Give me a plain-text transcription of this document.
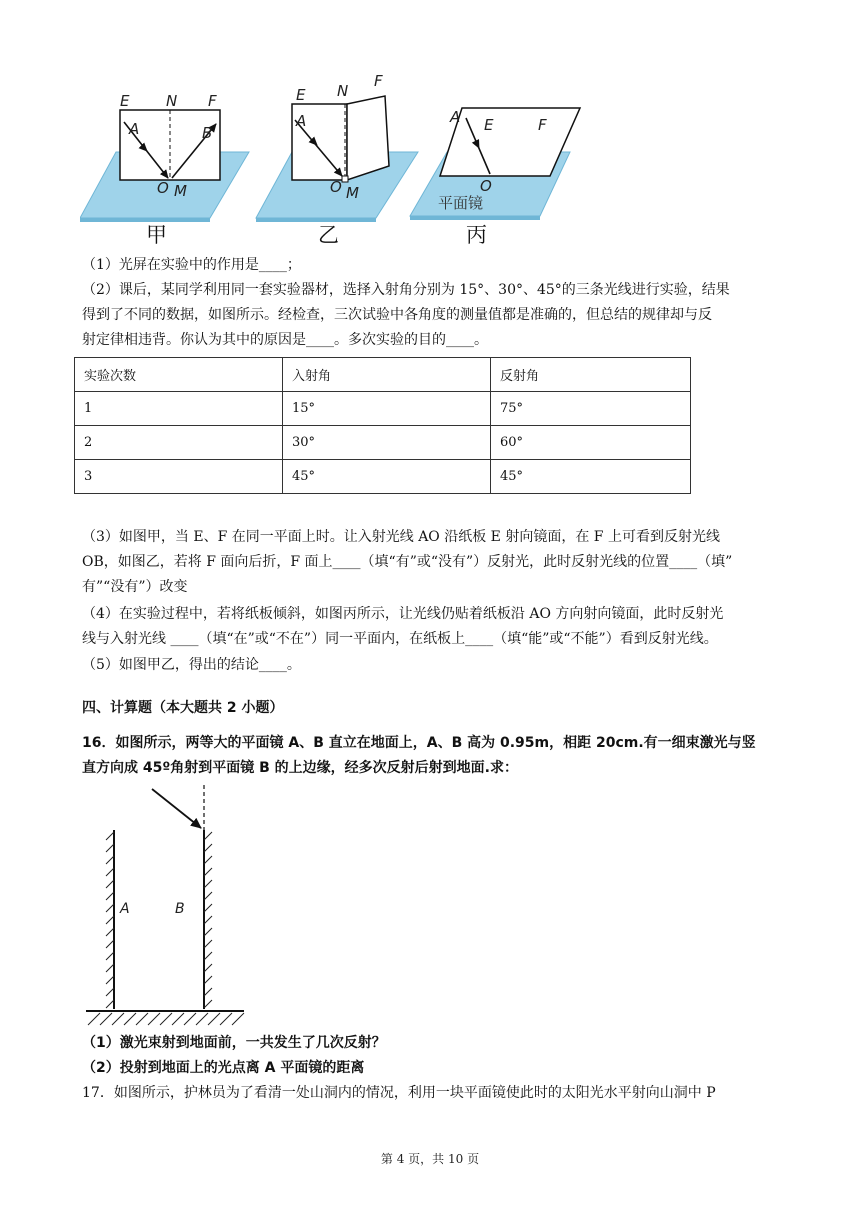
E N F
A	B
O M
甲
E N
F
A
O M
乙
A E	F
O
平面镜
丙
（1）光屏在实验中的作用是____；
（2）课后，某同学利用同一套实验器材，选择入射角分别为 15°、30°、45°的三条光线进行实验，结果
得到了不同的数据，如图所示。经检查，三次试验中各角度的测量值都是准确的，但总结的规律却与反
射定律相违背。你认为其中的原因是____。多次实验的目的____。
实验次数	入射角	反射角
1	15°	75°
2	30°	60°
3	45°	45°
（3）如图甲，当 E、F 在同一平面上时。让入射光线 AO 沿纸板 E 射向镜面，在 F 上可看到反射光线
OB，如图乙，若将 F 面向后折，F 面上____（填“有”或“没有”）反射光，此时反射光线的位置____（填”
有”“没有”）改变
（4）在实验过程中，若将纸板倾斜，如图丙所示，让光线仍贴着纸板沿 AO 方向射向镜面，此时反射光
线与入射光线 ____（填“在”或“不在”）同一平面内，在纸板上____（填“能”或“不能”）看到反射光线。
（5）如图甲乙，得出的结论____。
四、计算题（本大题共 2 小题）
16．如图所示，两等大的平面镜 A、B 直立在地面上，A、B 高为 0.95m，相距 20cm.有一细束激光与竖
直方向成 45º角射到平面镜 B 的上边缘，经多次反射后射到地面.求：
A	B
（1）激光束射到地面前，一共发生了几次反射？
（2）投射到地面上的光点离 A 平面镜的距离
17．如图所示，护林员为了看清一处山洞内的情况，利用一块平面镜使此时的太阳光水平射向山洞中 P
第 4 页，共 10 页
